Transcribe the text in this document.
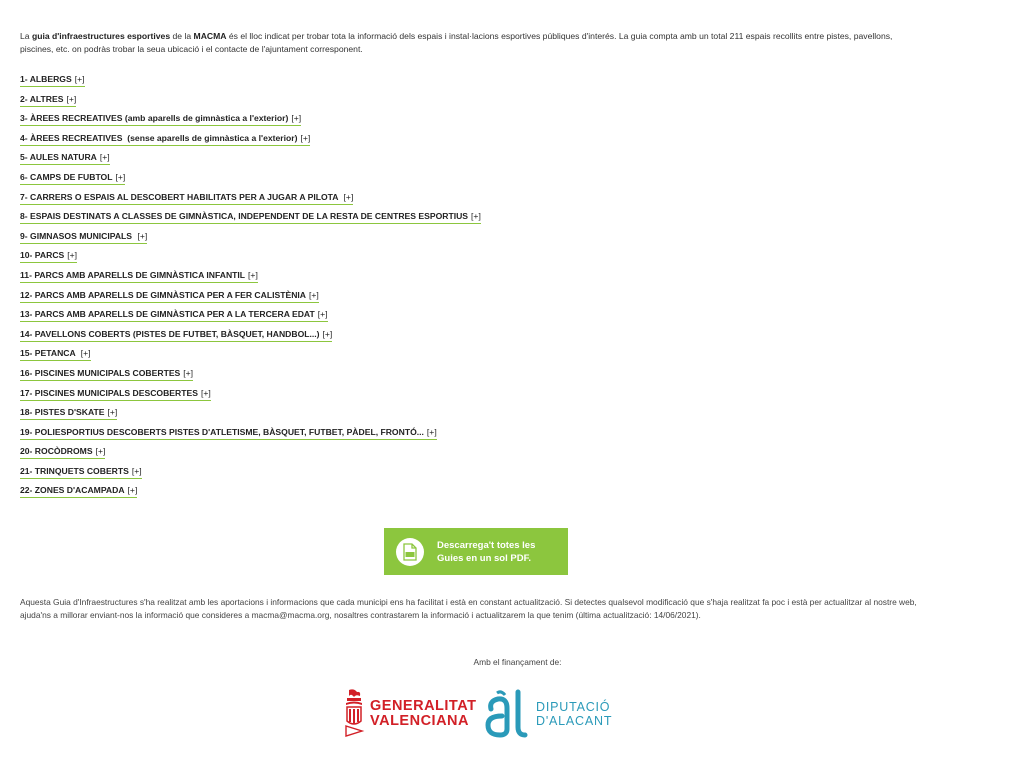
La guia d'infraestructures esportives de la MACMA és el lloc indicat per trobar tota la informació dels espais i instal·lacions esportives públiques d'interés. La guia compta amb un total 211 espais recollits entre pistes, pavellons, piscines, etc. on podràs trobar la seua ubicació i el contacte de l'ajuntament corresponent.
1- ALBERGS [+]
2- ALTRES [+]
3- ÀREES RECREATIVES (amb aparells de gimnàstica a l'exterior) [+]
4- ÀREES RECREATIVES  (sense aparells de gimnàstica a l'exterior) [+]
5- AULES NATURA [+]
6- CAMPS DE FUBTOL [+]
7- CARRERS O ESPAIS AL DESCOBERT HABILITATS PER A JUGAR A PILOTA [+]
8- ESPAIS DESTINATS A CLASSES DE GIMNÀSTICA, INDEPENDENT DE LA RESTA DE CENTRES ESPORTIUS [+]
9- GIMNASOS MUNICIPALS [+]
10- PARCS [+]
11- PARCS AMB APARELLS DE GIMNÀSTICA INFANTIL [+]
12- PARCS AMB APARELLS DE GIMNÀSTICA PER A FER CALISTÈNIA [+]
13- PARCS AMB APARELLS DE GIMNÀSTICA PER A LA TERCERA EDAT [+]
14- PAVELLONS COBERTS (PISTES DE FUTBET, BÀSQUET, HANDBOL...) [+]
15- PETANCA [+]
16- PISCINES MUNICIPALS COBERTES [+]
17- PISCINES MUNICIPALS DESCOBERTES [+]
18- PISTES D'SKATE [+]
19- POLIESPORTIUS DESCOBERTS PISTES D'ATLETISME, BÀSQUET, FUTBET, PÀDEL, FRONTÓ... [+]
20- ROCÒDROMS [+]
21- TRINQUETS COBERTS [+]
22- ZONES D'ACAMPADA [+]
Descarrega't totes les
Guies en un sol PDF.
Aquesta Guia d'Infraestructures s'ha realitzat amb les aportacions i informacions que cada municipi ens ha facilitat i està en constant actualització. Si detectes qualsevol modificació que s'haja realitzat fa poc i està per actualitzar al nostre web, ajuda'ns a millorar enviant-nos la informació que consideres a macma@macma.org, nosaltres contrastarem la informació i actualitzarem la que tenim (última actualització: 14/06/2021).
Amb el finançament de:
GENERALITAT
VALENCIANA
DIPUTACIÓ
D'ALACANT
